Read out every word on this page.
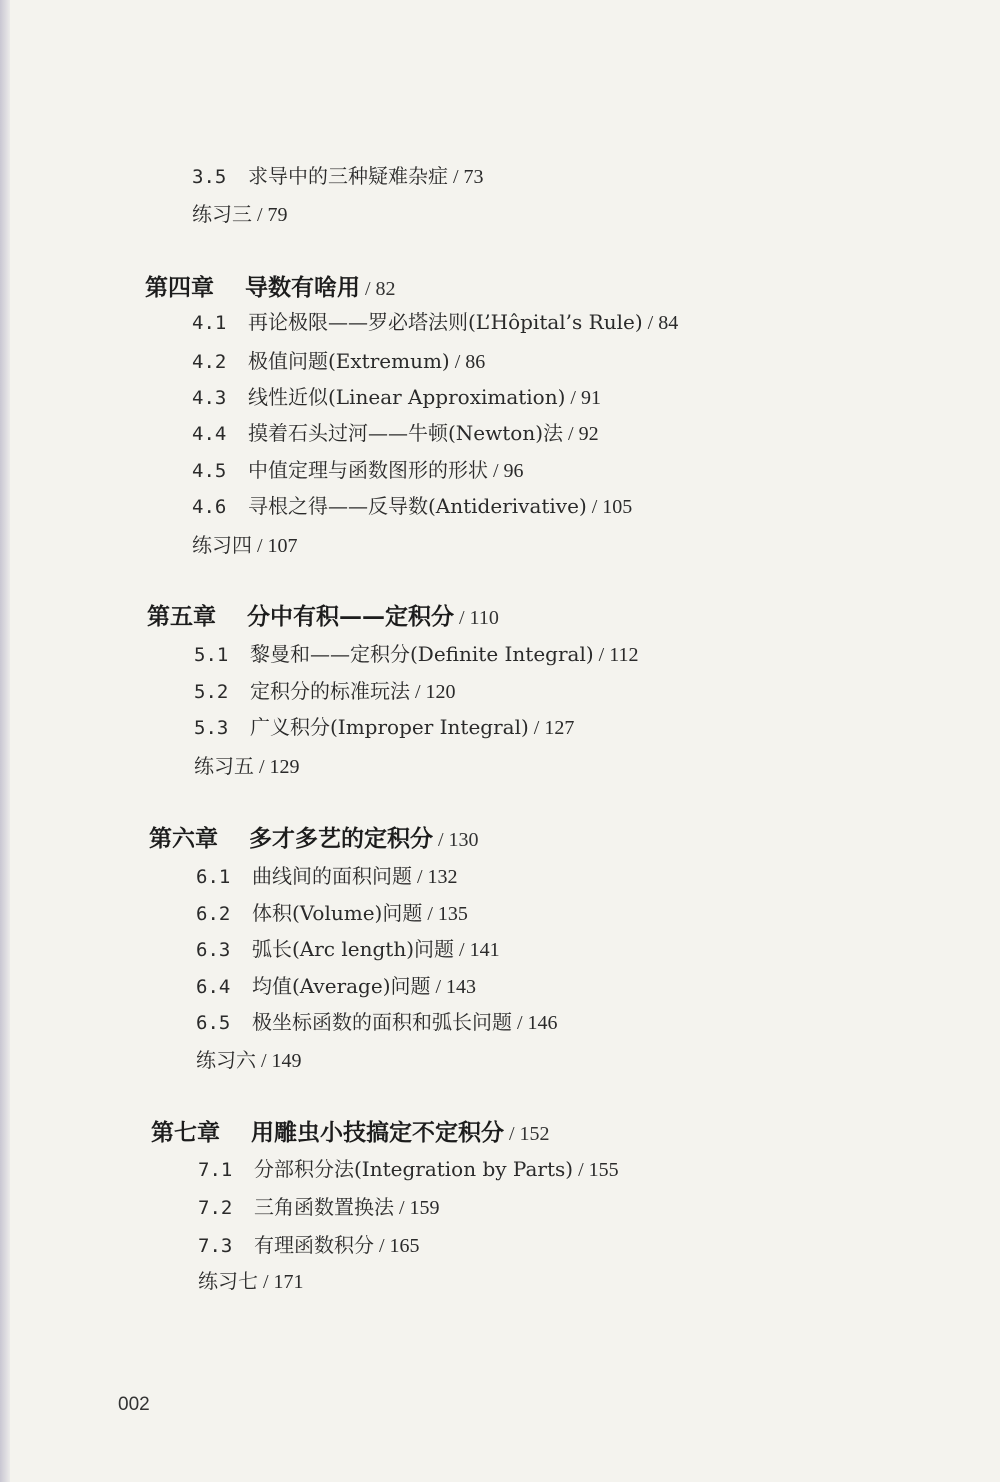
3.5 求导中的三种疑难杂症 / 73
练习三 / 79
第四章 导数有啥用 / 82
4.1 再论极限——罗必塔法则(L’Hôpital’s Rule) / 84
4.2 极值问题(Extremum) / 86
4.3 线性近似(Linear Approximation) / 91
4.4 摸着石头过河——牛顿(Newton)法 / 92
4.5 中值定理与函数图形的形状 / 96
4.6 寻根之得——反导数(Antiderivative) / 105
练习四 / 107
第五章 分中有积——定积分 / 110
5.1 黎曼和——定积分(Definite Integral) / 112
5.2 定积分的标准玩法 / 120
5.3 广义积分(Improper Integral) / 127
练习五 / 129
第六章 多才多艺的定积分 / 130
6.1 曲线间的面积问题 / 132
6.2 体积(Volume)问题 / 135
6.3 弧长(Arc length)问题 / 141
6.4 均值(Average)问题 / 143
6.5 极坐标函数的面积和弧长问题 / 146
练习六 / 149
第七章 用雕虫小技搞定不定积分 / 152
7.1 分部积分法(Integration by Parts) / 155
7.2 三角函数置换法 / 159
7.3 有理函数积分 / 165
练习七 / 171
002
